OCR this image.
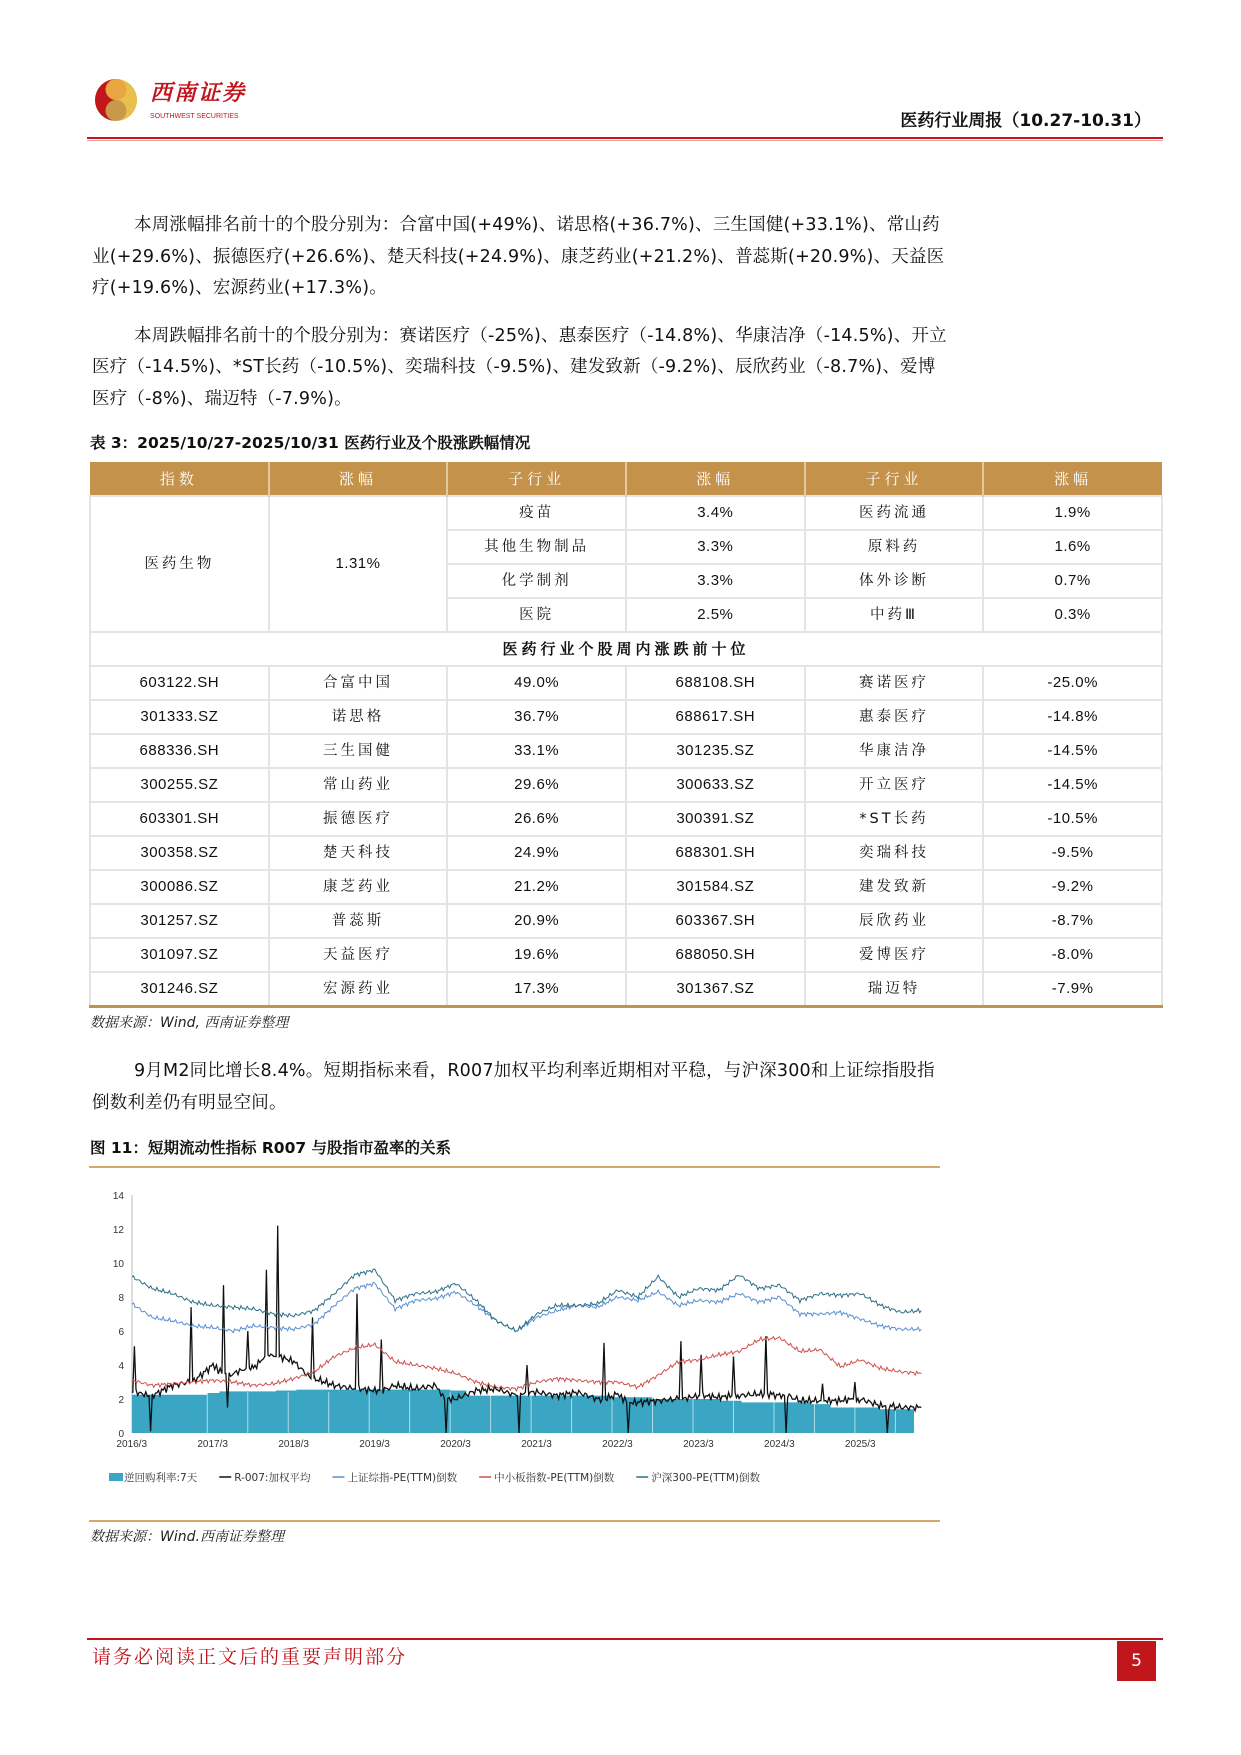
西南证券
SOUTHWEST SECURITIES	医药行业周报（10.27-10.31）
本周涨幅排名前十的个股分别为：合富中国(+49%)、诺思格(+36.7%)、三生国健(+33.1%)、常山药业(+29.6%)、振德医疗(+26.6%)、楚天科技(+24.9%)、康芝药业(+21.2%)、普蕊斯(+20.9%)、天益医疗(+19.6%)、宏源药业(+17.3%)。
本周跌幅排名前十的个股分别为：赛诺医疗（-25%)、惠泰医疗（-14.8%)、华康洁净（-14.5%)、开立医疗（-14.5%)、*ST长药（-10.5%)、奕瑞科技（-9.5%)、建发致新（-9.2%)、辰欣药业（-8.7%)、爱博医疗（-8%)、瑞迈特（-7.9%)。
表 3：2025/10/27-2025/10/31 医药行业及个股涨跌幅情况
指数	涨幅	子行业	涨幅	子行业	涨幅
医药生物	1.31%	疫苗	3.4%	医药流通	1.9%
		其他生物制品	3.3%	原料药	1.6%
		化学制剂	3.3%	体外诊断	0.7%
		医院	2.5%	中药Ⅲ	0.3%
医药行业个股周内涨跌前十位					
603122.SH	合富中国	49.0%	688108.SH	赛诺医疗	-25.0%
301333.SZ	诺思格	36.7%	688617.SH	惠泰医疗	-14.8%
688336.SH	三生国健	33.1%	301235.SZ	华康洁净	-14.5%
300255.SZ	常山药业	29.6%	300633.SZ	开立医疗	-14.5%
603301.SH	振德医疗	26.6%	300391.SZ	*ST长药	-10.5%
300358.SZ	楚天科技	24.9%	688301.SH	奕瑞科技	-9.5%
300086.SZ	康芝药业	21.2%	301584.SZ	建发致新	-9.2%
301257.SZ	普蕊斯	20.9%	603367.SH	辰欣药业	-8.7%
301097.SZ	天益医疗	19.6%	688050.SH	爱博医疗	-8.0%
301246.SZ	宏源药业	17.3%	301367.SZ	瑞迈特	-7.9%
数据来源：Wind, 西南证券整理
9月M2同比增长8.4%。短期指标来看，R007加权平均利率近期相对平稳，与沪深300和上证综指股指倒数利差仍有明显空间。
图 11：短期流动性指标 R007 与股指市盈率的关系
0
2
4
6
8
10
12
14
2016/3	2017/3	2018/3	2019/3	2020/3	2021/3	2022/3	2023/3	2024/3	2025/3
逆回购利率:7天	R-007:加权平均	上证综指-PE(TTM)倒数	中小板指数-PE(TTM)倒数	沪深300-PE(TTM)倒数
数据来源：Wind.西南证券整理
请务必阅读正文后的重要声明部分	5
